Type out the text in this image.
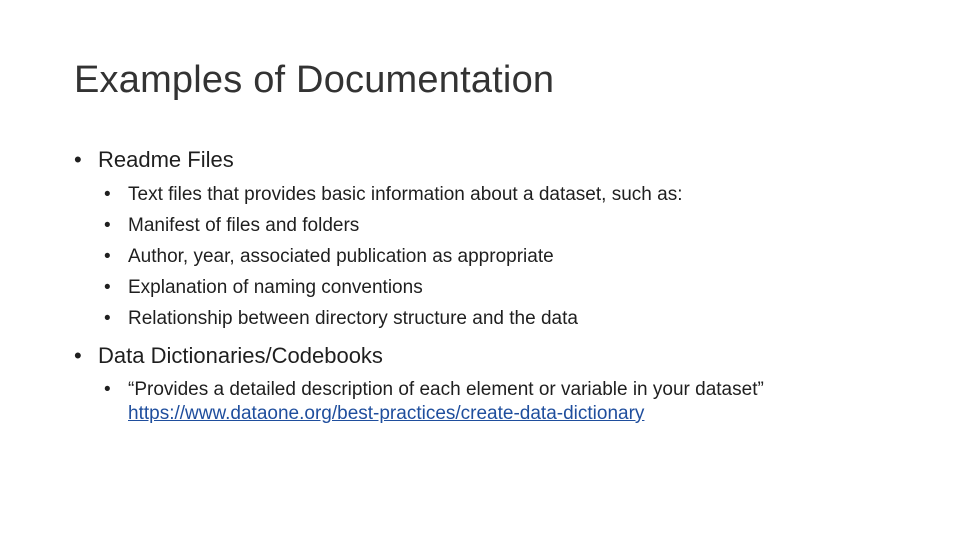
Examples of Documentation
• Readme Files
• Text files that provides basic information about a dataset, such as:
• Manifest of files and folders
• Author, year, associated publication as appropriate
• Explanation of naming conventions
• Relationship between directory structure and the data
• Data Dictionaries/Codebooks
• “Provides a detailed description of each element or variable in your dataset”
https://www.dataone.org/best-practices/create-data-dictionary
